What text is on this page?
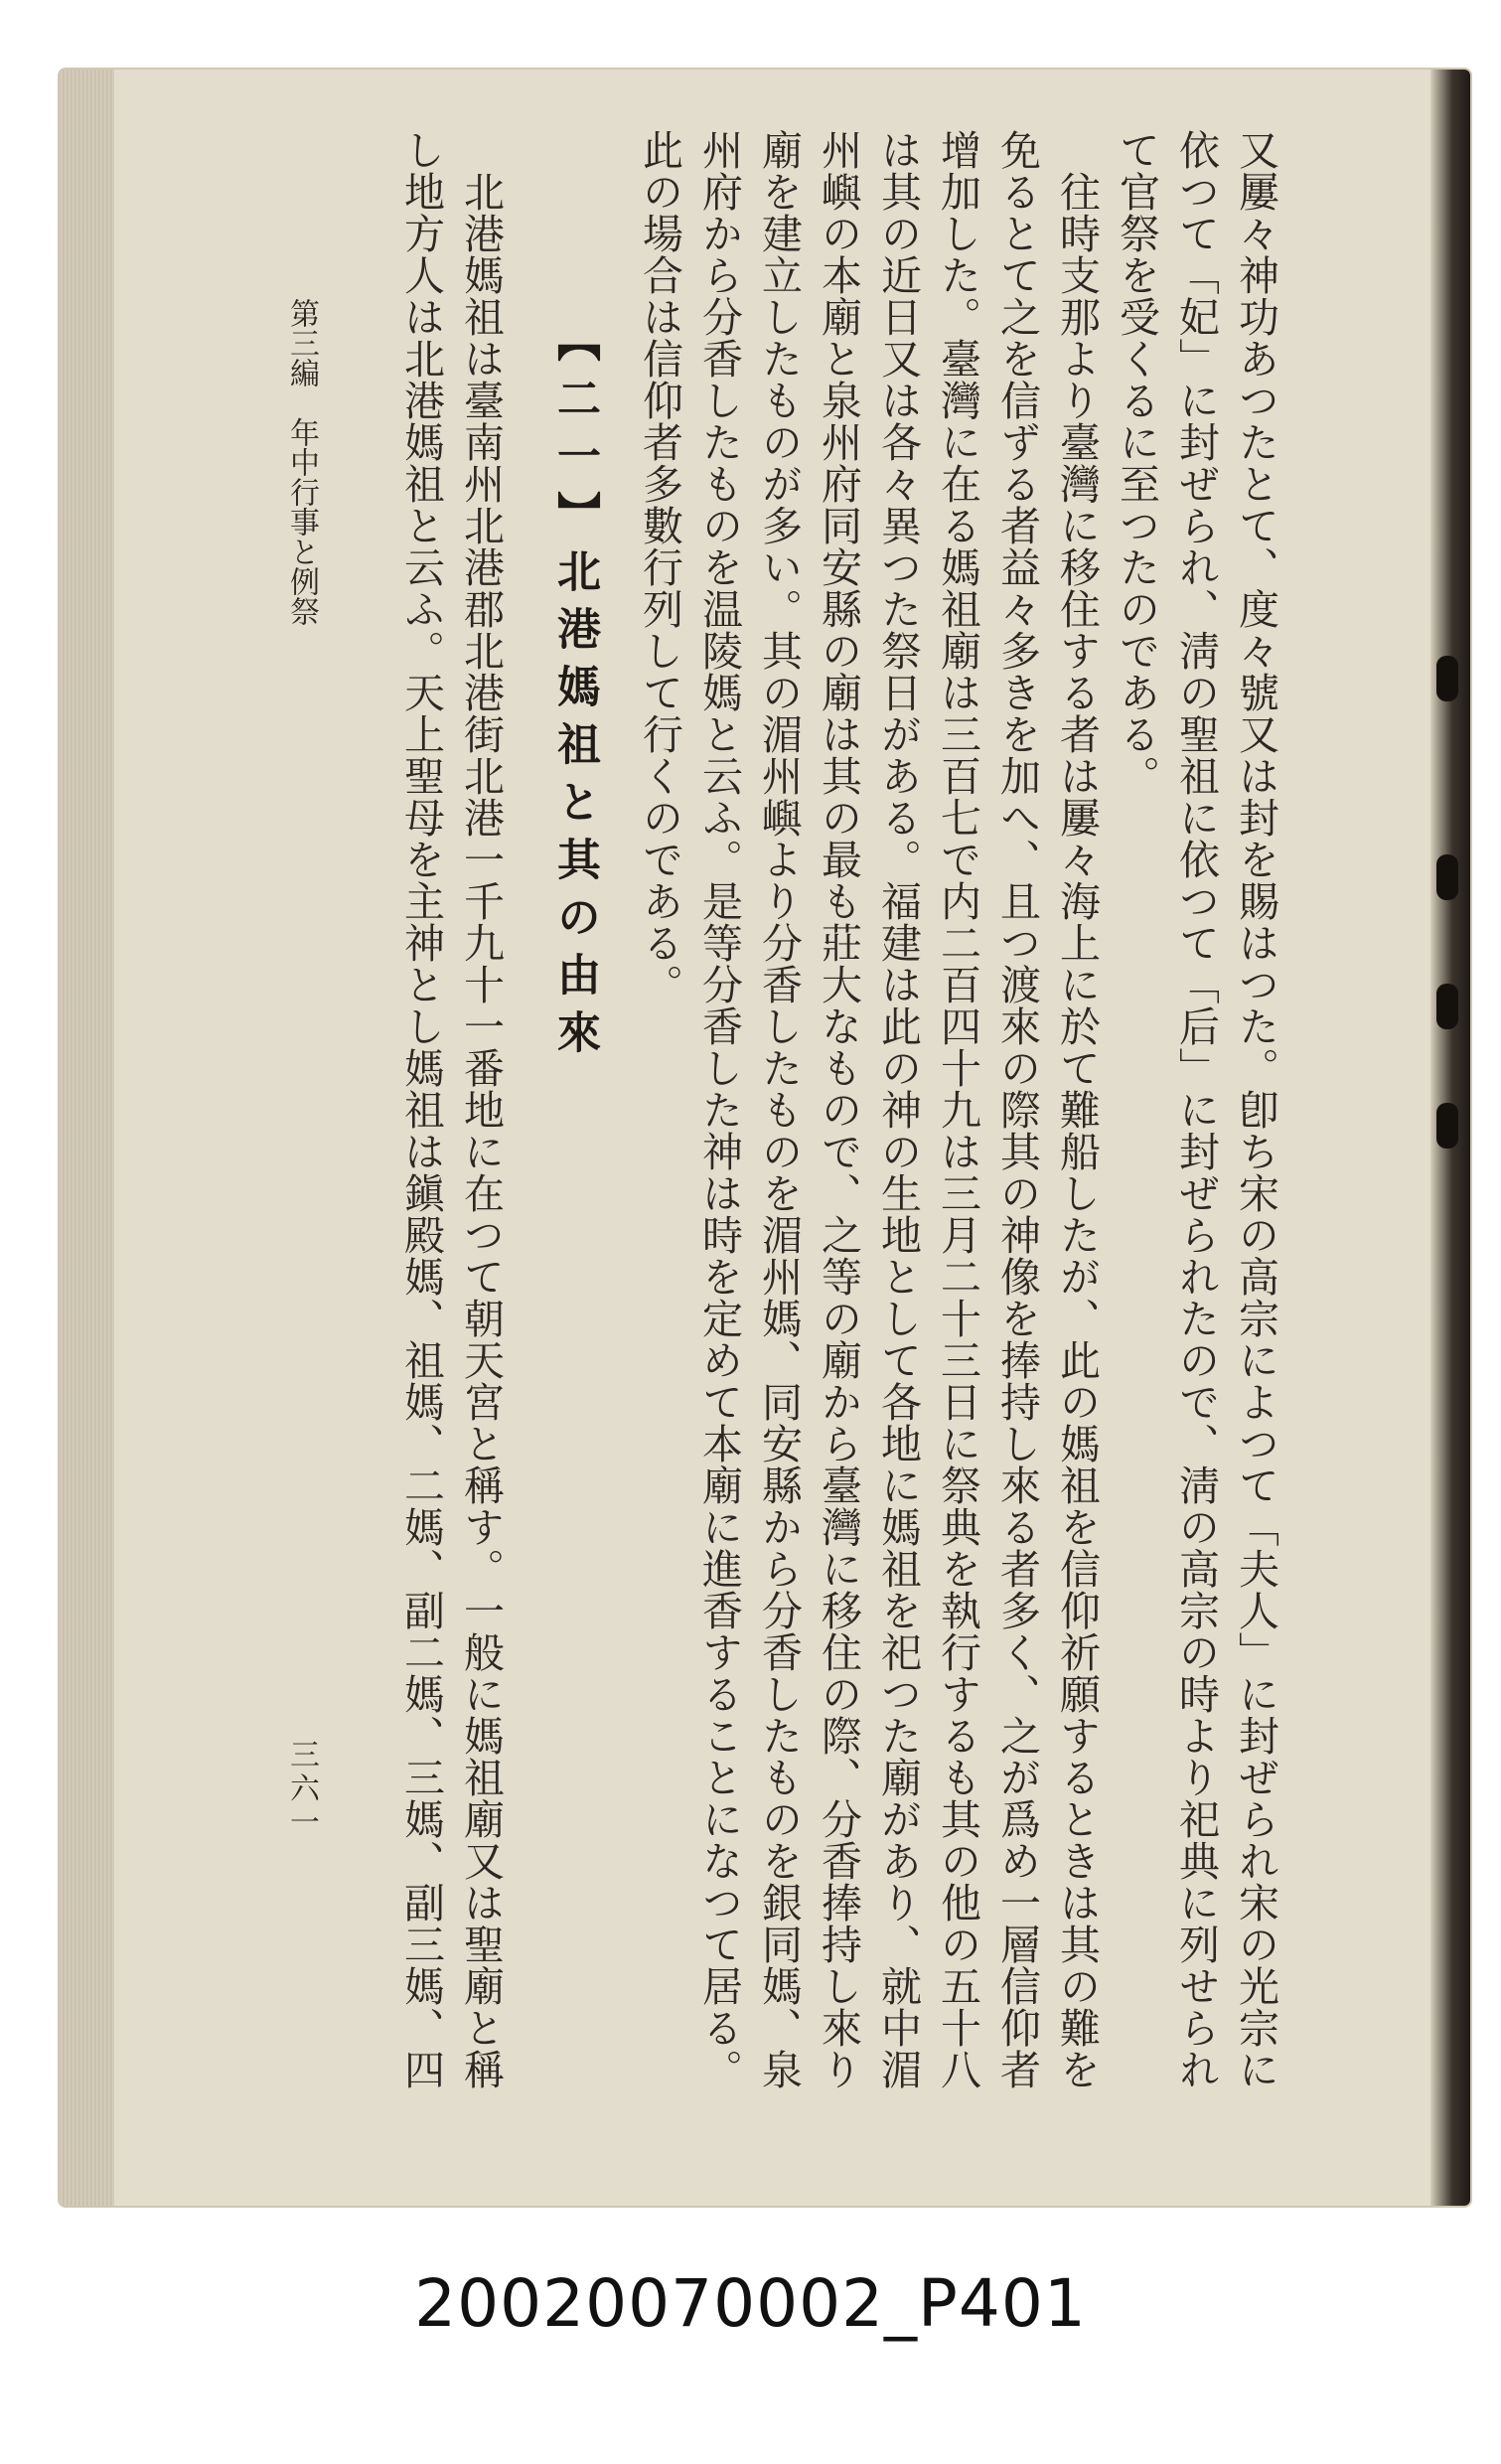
又屢々神功あつたとて、度々號又は封を賜はつた。卽ち宋の高宗によつて「夫人」に封ぜられ宋の光宗に
依つて「妃」に封ぜられ、淸の聖祖に依つて「后」に封ぜられたので、淸の高宗の時より祀典に列せられ
て官祭を受くるに至つたのである。
　往時支那より臺灣に移住する者は屢々海上に於て難船したが、此の媽祖を信仰祈願するときは其の難を
免るとて之を信ずる者益々多きを加へ、且つ渡來の際其の神像を捧持し來る者多く、之が爲め一層信仰者
增加した。臺灣に在る媽祖廟は三百七で内二百四十九は三月二十三日に祭典を執行するも其の他の五十八
は其の近日又は各々異つた祭日がある。福建は此の神の生地として各地に媽祖を祀つた廟があり、就中湄
州嶼の本廟と泉州府同安縣の廟は其の最も莊大なもので、之等の廟から臺灣に移住の際、分香捧持し來り
廟を建立したものが多い。其の湄州嶼より分香したものを湄州媽、同安縣から分香したものを銀同媽、泉
州府から分香したものを温陵媽と云ふ。是等分香した神は時を定めて本廟に進香することになつて居る。
此の場合は信仰者多數行列して行くのである。
【二一】北港媽祖と其の由來
　北港媽祖は臺南州北港郡北港街北港一千九十一番地に在つて朝天宮と稱す。一般に媽祖廟又は聖廟と稱
し地方人は北港媽祖と云ふ。天上聖母を主神とし媽祖は鎭殿媽、祖媽、二媽、副二媽、三媽、副三媽、四
第三編　年中行事と例祭
三六一
20020070002_P401
